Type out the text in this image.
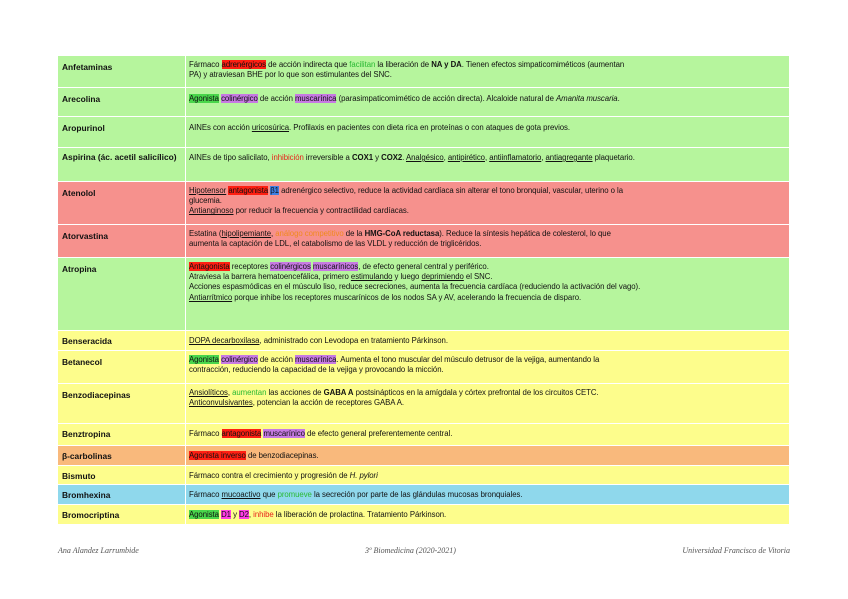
Anfetaminas	Fármaco adrenérgicos de acción indirecta que facilitan la liberación de NA y DA. Tienen efectos simpaticomiméticos (aumentan

PA) y atraviesan BHE por lo que son estimulantes del SNC.

Arecolina	Agonista colinérgico de acción muscarínica (parasimpaticomimético de acción directa). Alcaloide natural de Amanita muscaria.

Aropurinol	AINEs con acción uricosúrica. Profilaxis en pacientes con dieta rica en proteínas o con ataques de gota previos.

Aspirina (ác. acetil salicílico)	AINEs de tipo salicilato, inhibición irreversible a COX1 y COX2. Analgésico, antipirético, antiinflamatorio, antiagregante plaquetario.

Atenolol	Hipotensor antagonista β1 adrenérgico selectivo, reduce la actividad cardíaca sin alterar el tono bronquial, vascular, uterino o la

glucemia.

Antianginoso por reducir la frecuencia y contractilidad cardíacas.

Atorvastina	Estatina (hipolipemiante, análogo competitivo de la HMG-CoA reductasa). Reduce la síntesis hepática de colesterol, lo que

aumenta la captación de LDL, el catabolismo de las VLDL y reducción de triglicéridos.

Atropina	Antagonista receptores colinérgicos muscarínicos, de efecto general central y periférico.

Atraviesa la barrera hematoencefálica, primero estimulando y luego deprimiendo el SNC.

Acciones espasmódicas en el músculo liso, reduce secreciones, aumenta la frecuencia cardíaca (reduciendo la activación del vago).

Antiarrítmico porque inhibe los receptores muscarínicos de los nodos SA y AV, acelerando la frecuencia de disparo.

Benseracida	DOPA decarboxilasa, administrado con Levodopa en tratamiento Párkinson.

Betanecol	Agonista colinérgico de acción muscarínica. Aumenta el tono muscular del músculo detrusor de la vejiga, aumentando la

contracción, reduciendo la capacidad de la vejiga y provocando la micción.

Benzodiacepinas	Ansiolíticos, aumentan las acciones de GABA A postsinápticos en la amígdala y córtex prefrontal de los circuitos CETC.

Anticonvulsivantes, potencian la acción de receptores GABA A.

Benztropina	Fármaco antagonista muscarínico de efecto general preferentemente central.

β-carbolinas	Agonista inverso de benzodiacepinas.

Bismuto	Fármaco contra el crecimiento y progresión de H. pylori

Bromhexina	Fármaco mucoactivo que promueve la secreción por parte de las glándulas mucosas bronquiales.

Bromocriptina	Agonista D1 y D2, inhibe la liberación de prolactina. Tratamiento Párkinson.

Ana Alandez Larrumbide	3º Biomedicina (2020-2021)	Universidad Francisco de Vitoria
